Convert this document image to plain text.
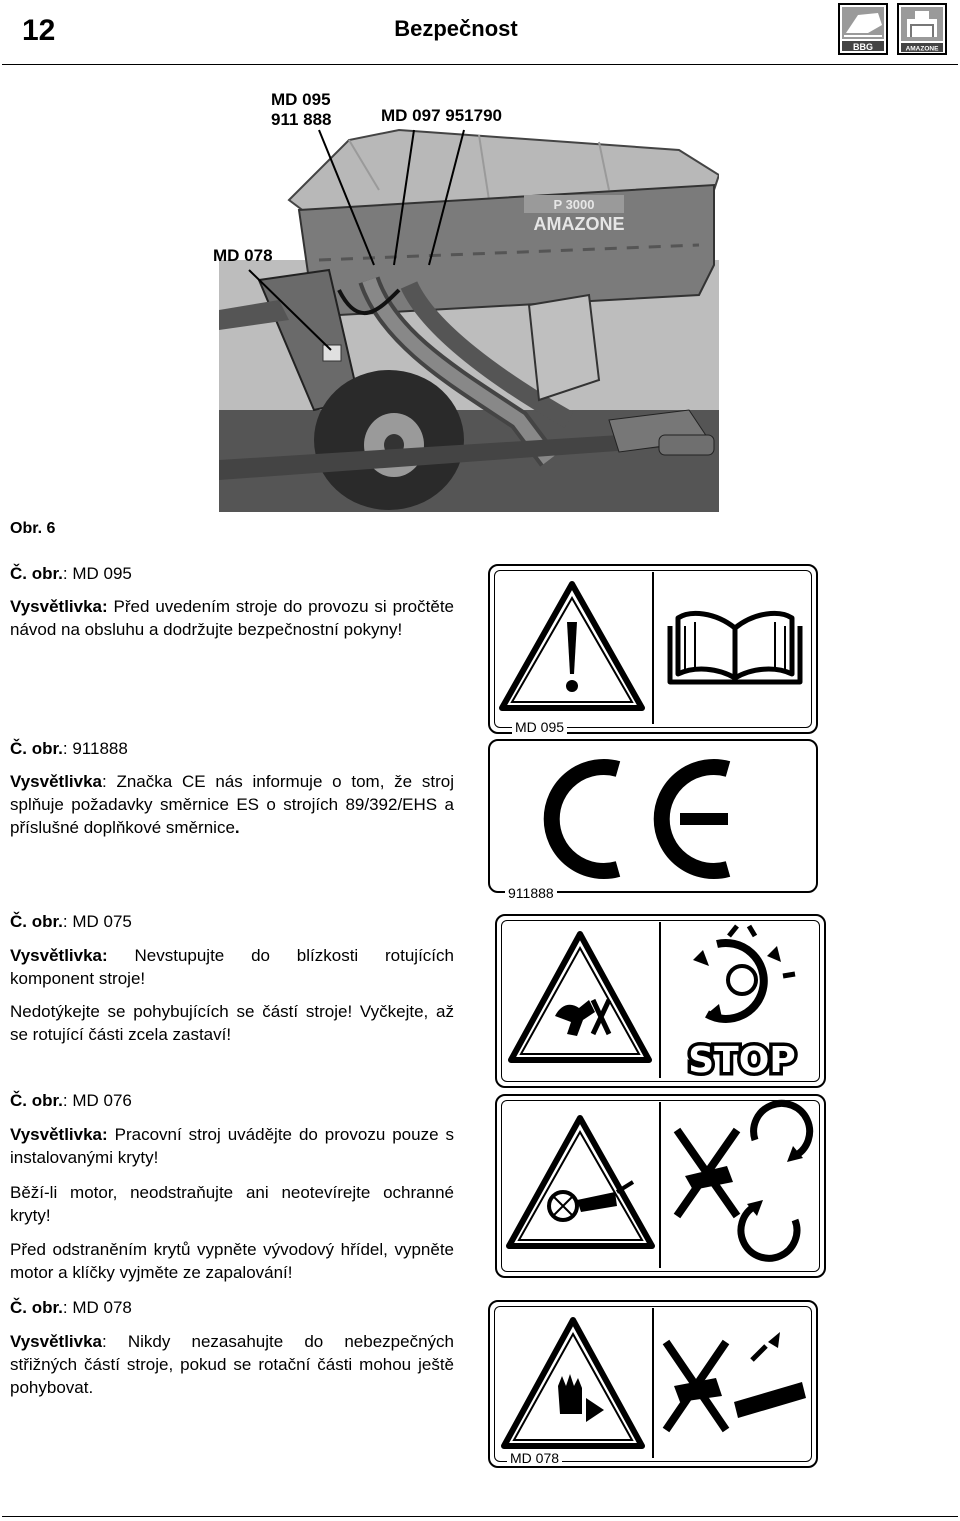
12	Bezpečnost
BBG	AMAZONE
P 3000
AMAZONE
MD 095
911 888	MD 097 951790
MD 078
Obr. 6
Č. obr.: MD 095
Vysvětlivka: Před uvedením stroje do provozu si pročtěte návod na obsluhu a dodržujte bezpečnostní pokyny!
Č. obr.: 911888
Vysvětlivka: Značka CE nás informuje o tom, že stroj splňuje požadavky směrnice ES o strojích 89/392/EHS a příslušné doplňkové směrnice.
Č. obr.: MD 075
Vysvětlivka: Nevstupujte do blízkosti rotujících komponent stroje!
Nedotýkejte se pohybujících se částí stroje! Vyčkejte, až se rotující části zcela zastaví!
Č. obr.: MD 076
Vysvětlivka: Pracovní stroj uvádějte do provozu pouze s instalovanými kryty!
Běží-li motor, neodstraňujte ani neotevírejte ochranné kryty!
Před odstraněním krytů vypněte vývodový hřídel, vypněte motor a klíčky vyjměte ze zapalování!
Č. obr.: MD 078
Vysvětlivka: Nikdy nezasahujte do nebezpečných střižných částí stroje, pokud se rotační části mohou ještě pohybovat.
MD 095
911888
STOP
MD 078
